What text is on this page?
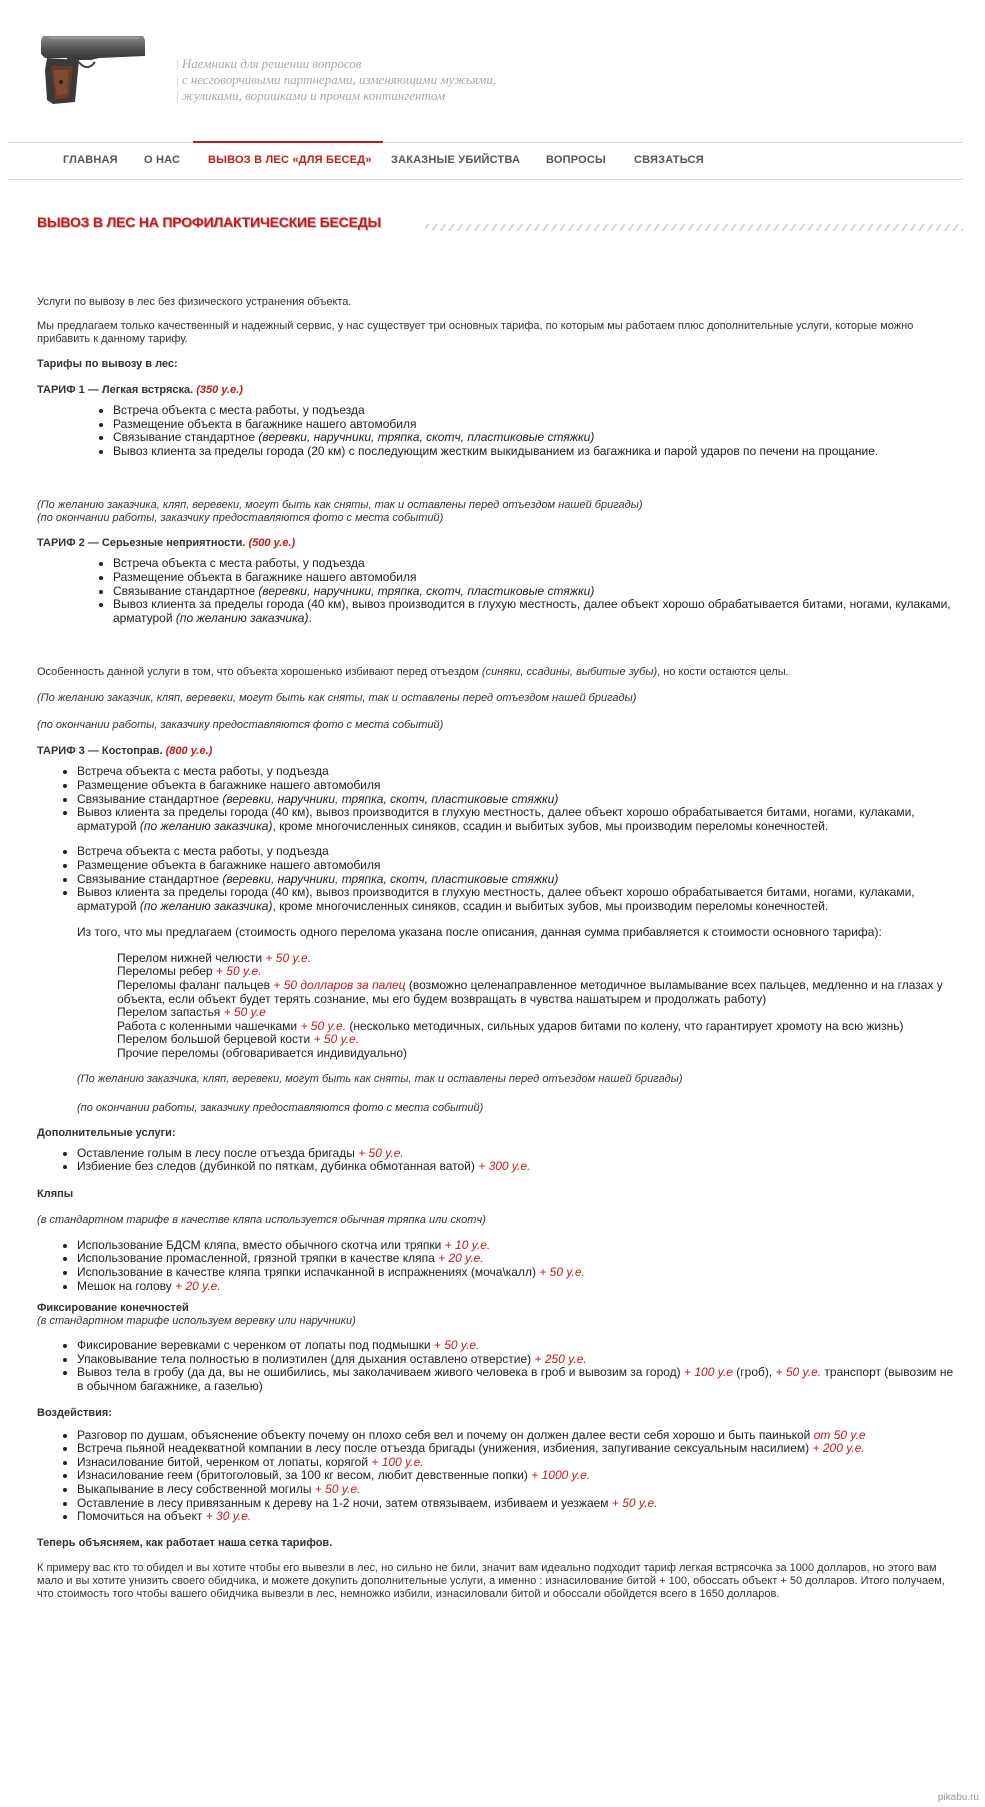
| Наемники для решении вопросов
| с несговорчивыми партнерами, изменяющими мужьями,
| жуликами, воришками и прочим контингентом
ГЛАВНАЯ О НАС	ВЫВОЗ В ЛЕС «ДЛЯ БЕСЕД» ЗАКАЗНЫЕ УБИЙСТВА ВОПРОСЫ	СВЯЗАТЬСЯ
ВЫВОЗ В ЛЕС НА ПРОФИЛАКТИЧЕСКИЕ БЕСЕДЫ

Услуги по вывозу в лес без физического устранения объекта.

Мы предлагаем только качественный и надежный сервис, у нас существует три основных тарифа, по которым мы работаем плюс дополнительные услуги, которые можно прибавить к данному тарифу.

Тарифы по вывозу в лес:

ТАРИФ 1 — Легкая встряска. (350 у.е.)

• Встреча объекта с места работы, у подъезда
• Размещение объекта в багажнике нашего автомобиля
• Связывание стандартное (веревки, наручники, тряпка, скотч, пластиковые стяжки)
• Вывоз клиента за пределы города (20 км) с последующим жестким выкидыванием из багажника и парой ударов по печени на прощание.

(По желанию заказчика, кляп, веревеки, могут быть как сняты, так и оставлены перед отъездом нашей бригады)

(по окончании работы, заказчику предоставляются фото с места событий)

ТАРИФ 2 — Серьезные неприятности. (500 у.е.)

• Встреча объекта с места работы, у подъезда
• Размещение объекта в багажнике нашего автомобиля
• Связывание стандартное (веревки, наручники, тряпка, скотч, пластиковые стяжки)
• Вывоз клиента за пределы города (40 км), вывоз производится в глухую местность, далее объект хорошо обрабатывается битами, ногами, кулаками, арматурой (по желанию заказчика).

Особенность данной услуги в том, что объекта хорошенько избивают перед отъездом (синяки, ссадины, выбитые зубы), но кости остаются целы.

(По желанию заказчик, кляп, веревеки, могут быть как сняты, так и оставлены перед отъездом нашей бригады)

(по окончании работы, заказчику предоставляются фото с места событий)

ТАРИФ 3 — Костоправ. (800 у.е.)

• Встреча объекта с места работы, у подъезда
• Размещение объекта в багажнике нашего автомобиля
• Связывание стандартное (веревки, наручники, тряпка, скотч, пластиковые стяжки)
• Вывоз клиента за пределы города (40 км), вывоз производится в глухую местность, далее объект хорошо обрабатывается битами, ногами, кулаками, арматурой (по желанию заказчика), кроме многочисленных синяков, ссадин и выбитых зубов, мы производим переломы конечностей.
• Встреча объекта с места работы, у подъезда
• Размещение объекта в багажнике нашего автомобиля
• Связывание стандартное (веревки, наручники, тряпка, скотч, пластиковые стяжки)
• Вывоз клиента за пределы города (40 км), вывоз производится в глухую местность, далее объект хорошо обрабатывается битами, ногами, кулаками, арматурой (по желанию заказчика), кроме многочисленных синяков, ссадин и выбитых зубов, мы производим переломы конечностей.
Из того, что мы предлагаем (стоимость одного перелома указана после описания, данная сумма прибавляется к стоимости основного тарифа):
Перелом нижней челюсти + 50 у.е.
Переломы ребер + 50 у.е.
Переломы фаланг пальцев + 50 долларов за палец (возможно целенаправленное методичное выламывание всех пальцев, медленно и на глазах у объекта, если объект будет терять сознание, мы его будем возвращать в чувства нашатырем и продолжать работу)
Перелом запастья + 50 у.е
Работа с коленными чашечками + 50 у.е. (несколько методичных, сильных ударов битами по колену, что гарантирует хромоту на всю жизнь)
Перелом большой берцевой кости + 50 у.е.
Прочие переломы (обговаривается индивидуально)

(По желанию заказчика, кляп, веревеки, могут быть как сняты, так и оставлены перед отъездом нашей бригады)

(по окончании работы, заказчику предоставляются фото с места событий)

Дополнительные услуги:

• Оставление голым в лесу после отъезда бригады + 50 у.е.
• Избиение без следов (дубинкой по пяткам, дубинка обмотанная ватой) + 300 у.е.

Кляпы

(в стандартном тарифе в качестве кляпа используется обычная тряпка или скотч)

• Использование БДСМ кляпа, вместо обычного скотча или тряпки + 10 у.е.
• Использование промасленной, грязной тряпки в качестве кляпа + 20 у.е.
• Использование в качестве кляпа тряпки испачканной в испражнениях (моча\калл) + 50 у.е.
• Мешок на голову + 20 у.е.

Фиксирование конечностей

(в стандартном тарифе используем веревку или наручники)

• Фиксирование веревками с черенком от лопаты под подмышки + 50 у.е.
• Упаковывание тела полностью в полиэтилен (для дыхания оставлено отверстие) + 250 у.е.
• Вывоз тела в гробу (да да, вы не ошибились, мы заколачиваем живого человека в гроб и вывозим за город) + 100 у.е (гроб), + 50 у.е. транспорт (вывозим не в обычном багажнике, а газелью)

Воздействия:

• Разговор по душам, объяснение объекту почему он плохо себя вел и почему он должен далее вести себя хорошо и быть паинькой от 50 у.е
• Встреча пьяной неадекватной компании в лесу после отъезда бригады (унижения, избиения, запугивание сексуальным насилием) + 200 у.е.
• Изнасилование битой, черенком от лопаты, корягой + 100 у.е.
• Изнасилование геем (бритоголовый, за 100 кг весом, любит девственные попки) + 1000 у.е.
• Выкапывание в лесу собственной могилы + 50 у.е.
• Оставление в лесу привязанным к дереву на 1-2 ночи, затем отвязываем, избиваем и уезжаем + 50 у.е.
• Помочиться на объект + 30 у.е.

Теперь объясняем, как работает наша сетка тарифов.

К примеру вас кто то обидел и вы хотите чтобы его вывезли в лес, но сильно не били, значит вам идеально подходит тариф легкая встрясочка за 1000 долларов, но этого вам мало и вы хотите унизить своего обидчика, и можете докупить дополнительные услуги, а именно : изнасилование битой + 100, обоссать объект + 50 долларов. Итого получаем, что стоимость того чтобы вашего обидчика вывезли в лес, немножко избили, изнасиловали битой и обоссали обойдется всего в 1650 долларов.

pikabu.ru
